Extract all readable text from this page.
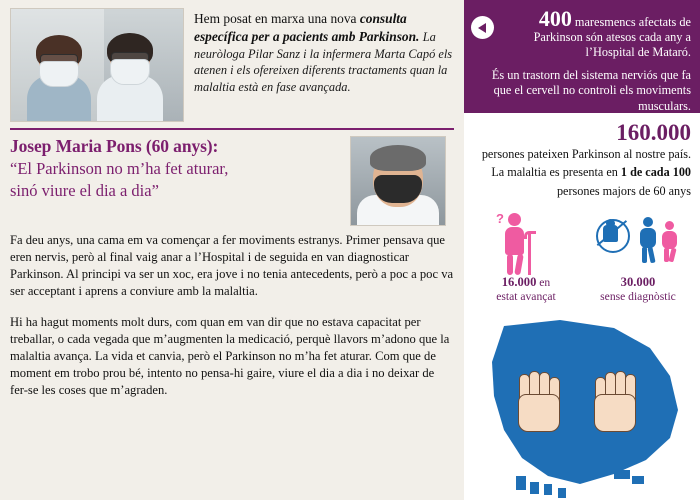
Hem posat en marxa una nova consulta específica per a pacients amb Parkinson. La neuròloga Pilar Sanz i la infermera Marta Capó els atenen i els ofereixen diferents tractaments quan la malaltia està en fase avançada.
Josep Maria Pons (60 anys):
“El Parkinson no m’ha fet aturar,
sinó viure el dia a dia”

Fa deu anys, una cama em va començar a fer moviments estranys. Primer pensava que eren nervis, però al final vaig anar a l’Hospital i de seguida en van diagnosticar Parkinson. Al principi va ser un xoc, era jove i no tenia antecedents, però a poc a poc va ser acceptant i aprens a conviure amb la malaltia.

Hi ha hagut moments molt durs, com quan em van dir que no estava capacitat per treballar, o cada vegada que m’augmenten la medicació, perquè llavors m’adono que la malaltia avança. La vida et canvia, però el Parkinson no m’ha fet aturar. Com que de moment em trobo prou bé, intento no pensa-hi gaire, viure el dia a dia i no deixar de fer-se les coses que m’agraden.

400 maresmencs afectats de Parkinson són atesos cada any a l’Hospital de Mataró.
És un trastorn del sistema nerviós que fa que el cervell no controli els moviments musculars.
160.000
persones pateixen Parkinson al nostre país.
La malaltia es presenta en 1 de cada 100
persones majors de 60 anys
?
16.000 en
estat avançat
30.000
sense diagnòstic
